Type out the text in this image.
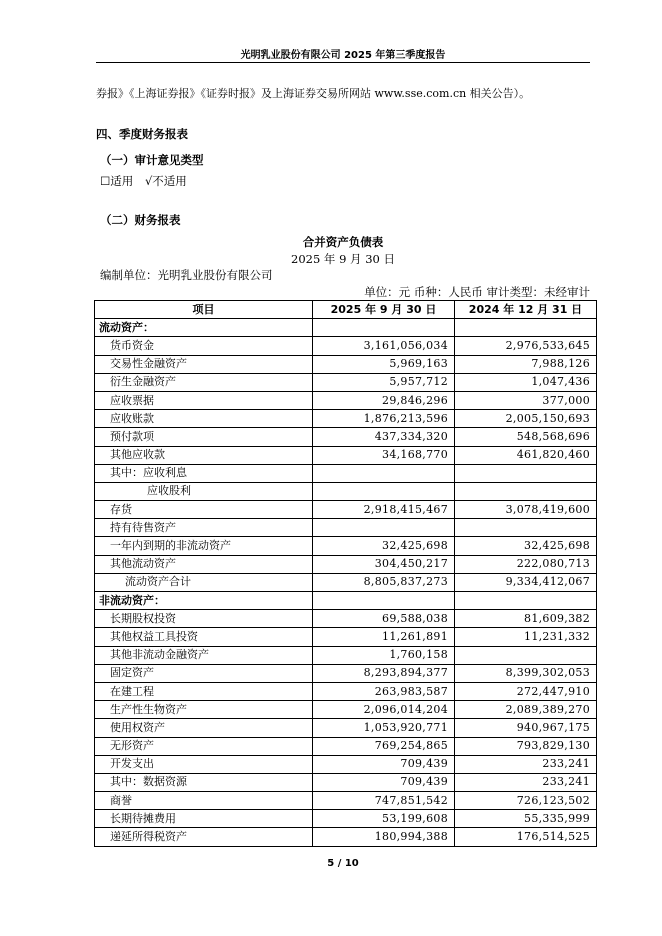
光明乳业股份有限公司 2025 年第三季度报告
券报》《上海证券报》《证券时报》及上海证券交易所网站 www.sse.com.cn 相关公告）。
四、季度财务报表
（一）审计意见类型
☐适用 √不适用
（二）财务报表
合并资产负债表
2025 年 9 月 30 日
编制单位：光明乳业股份有限公司
单位：元 币种：人民币 审计类型：未经审计
项目	2025 年 9 月 30 日	2024 年 12 月 31 日
流动资产：		
货币资金	3,161,056,034	2,976,533,645
交易性金融资产	5,969,163	7,988,126
衍生金融资产	5,957,712	1,047,436
应收票据	29,846,296	377,000
应收账款	1,876,213,596	2,005,150,693
预付款项	437,334,320	548,568,696
其他应收款	34,168,770	461,820,460
其中：应收利息		
应收股利		
存货	2,918,415,467	3,078,419,600
持有待售资产		
一年内到期的非流动资产	32,425,698	32,425,698
其他流动资产	304,450,217	222,080,713
流动资产合计	8,805,837,273	9,334,412,067
非流动资产：		
长期股权投资	69,588,038	81,609,382
其他权益工具投资	11,261,891	11,231,332
其他非流动金融资产	1,760,158	
固定资产	8,293,894,377	8,399,302,053
在建工程	263,983,587	272,447,910
生产性生物资产	2,096,014,204	2,089,389,270
使用权资产	1,053,920,771	940,967,175
无形资产	769,254,865	793,829,130
开发支出	709,439	233,241
其中：数据资源	709,439	233,241
商誉	747,851,542	726,123,502
长期待摊费用	53,199,608	55,335,999
递延所得税资产	180,994,388	176,514,525
5 / 10
